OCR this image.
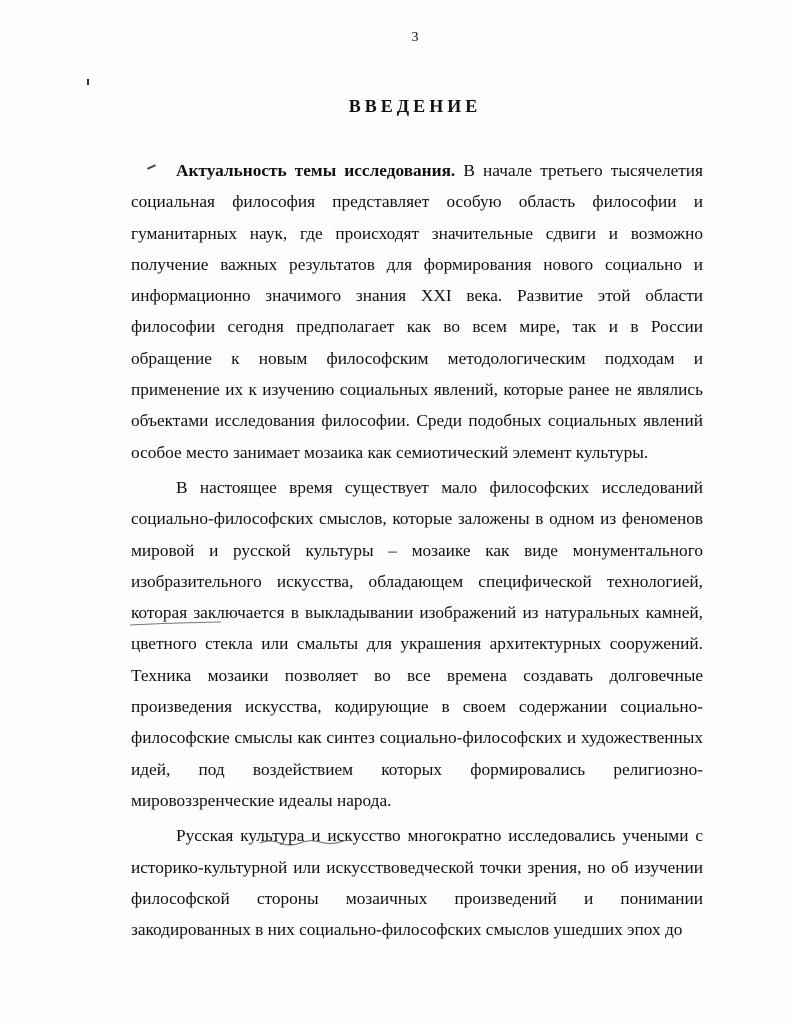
3
ВВЕДЕНИЕ

Актуальность темы исследования. В начале третьего тысячелетия социальная философия представляет особую область философии и гуманитарных наук, где происходят значительные сдвиги и возможно получение важных результатов для формирования нового социально и информационно значимого знания XXI века. Развитие этой области философии сегодня предполагает как во всем мире, так и в России обращение к новым философским методологическим подходам и применение их к изучению социальных явлений, которые ранее не являлись объектами исследования философии. Среди подобных социальных явлений особое место занимает мозаика как семиотический элемент культуры.

В настоящее время существует мало философских исследований социально-философских смыслов, которые заложены в одном из феноменов мировой и русской культуры – мозаике как виде монументального изобразительного искусства, обладающем специфической технологией, которая заключается в выкладывании изображений из натуральных камней, цветного стекла или смальты для украшения архитектурных сооружений. Техника мозаики позволяет во все времена создавать долговечные произведения искусства, кодирующие в своем содержании социально-философские смыслы как синтез социально-философских и художественных идей, под воздействием которых формировались религиозно-мировоззренческие идеалы народа.

Русская культура и искусство многократно исследовались учеными с историко-культурной или искусствоведческой точки зрения, но об изучении философской стороны мозаичных произведений и понимании закодированных в них социально-философских смыслов ушедших эпох до
